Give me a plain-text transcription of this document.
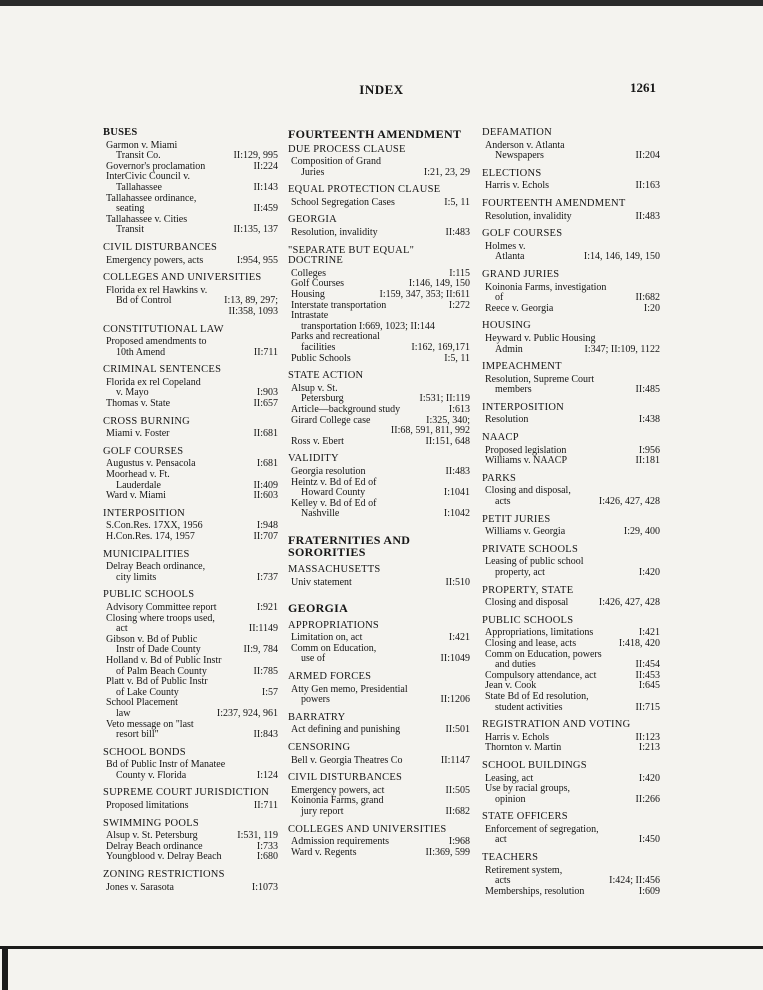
INDEX	1261
BUSES
Garmon v. Miami
II:129, 995
Transit Co.
II:224
Governor's proclamation
InterCivic Council v.
II:143
Tallahassee
Tallahassee ordinance,
II:459
seating
Tallahassee v. Cities
II:135, 137
Transit
CIVIL DISTURBANCES
I:954, 955
Emergency powers, acts
COLLEGES AND UNIVERSITIES
Florida ex rel Hawkins v.
I:13, 89, 297;
Bd of Control
II:358, 1093
CONSTITUTIONAL LAW
Proposed amendments to
II:711
10th Amend
CRIMINAL SENTENCES
Florida ex rel Copeland
I:903
v. Mayo
II:657
Thomas v. State
CROSS BURNING
II:681
Miami v. Foster
GOLF COURSES
I:681
Augustus v. Pensacola
Moorhead v. Ft.
II:409
Lauderdale
II:603
Ward v. Miami
INTERPOSITION
I:948
S.Con.Res. 17XX, 1956
II:707
H.Con.Res. 174, 1957
MUNICIPALITIES
Delray Beach ordinance,
I:737
city limits
PUBLIC SCHOOLS
I:921
Advisory Committee report
Closing where troops used,
II:1149
act
Gibson v. Bd of Public
II:9, 784
Instr of Dade County
Holland v. Bd of Public Instr
II:785
of Palm Beach County
Platt v. Bd of Public Instr
I:57
of Lake County
School Placement
I:237, 924, 961
law
Veto message on "last
II:843
resort bill"
SCHOOL BONDS
Bd of Public Instr of Manatee
I:124
County v. Florida
SUPREME COURT JURISDICTION
II:711
Proposed limitations
SWIMMING POOLS
I:531, 119
Alsup v. St. Petersburg
I:733
Delray Beach ordinance
I:680
Youngblood v. Delray Beach
ZONING RESTRICTIONS
I:1073
Jones v. Sarasota
FOURTEENTH AMENDMENT
DUE PROCESS CLAUSE
Composition of Grand
I:21, 23, 29
Juries
EQUAL PROTECTION CLAUSE
I:5, 11
School Segregation Cases
GEORGIA
II:483
Resolution, invalidity
"SEPARATE BUT EQUAL" DOCTRINE
I:115
Colleges
I:146, 149, 150
Golf Courses
I:159, 347, 353; II:611
Housing
I:272
Interstate transportation
Intrastate
transportation I:669, 1023; II:144
Parks and recreational
I:162, 169,171
facilities
I:5, 11
Public Schools
STATE ACTION
Alsup v. St.
I:531; II:119
Petersburg
I:613
Article—background study
I:325, 340;
Girard College case
II:68, 591, 811, 992
II:151, 648
Ross v. Ebert
VALIDITY
II:483
Georgia resolution
Heintz v. Bd of Ed of
I:1041
Howard County
Kelley v. Bd of Ed of
I:1042
Nashville
FRATERNITIES AND SORORITIES
MASSACHUSETTS
II:510
Univ statement
GEORGIA
APPROPRIATIONS
I:421
Limitation on, act
Comm on Education,
II:1049
use of
ARMED FORCES
Atty Gen memo, Presidential
II:1206
powers
BARRATRY
II:501
Act defining and punishing
CENSORING
II:1147
Bell v. Georgia Theatres Co
CIVIL DISTURBANCES
II:505
Emergency powers, act
Koinonia Farms, grand
II:682
jury report
COLLEGES AND UNIVERSITIES
I:968
Admission requirements
II:369, 599
Ward v. Regents
DEFAMATION
Anderson v. Atlanta
II:204
Newspapers
ELECTIONS
II:163
Harris v. Echols
FOURTEENTH AMENDMENT
II:483
Resolution, invalidity
GOLF COURSES
Holmes v.
I:14, 146, 149, 150
Atlanta
GRAND JURIES
Koinonia Farms, investigation
II:682
of
I:20
Reece v. Georgia
HOUSING
Heyward v. Public Housing
I:347; II:109, 1122
Admin
IMPEACHMENT
Resolution, Supreme Court
II:485
members
INTERPOSITION
I:438
Resolution
NAACP
I:956
Proposed legislation
II:181
Williams v. NAACP
PARKS
Closing and disposal,
I:426, 427, 428
acts
PETIT JURIES
I:29, 400
Williams v. Georgia
PRIVATE SCHOOLS
Leasing of public school
I:420
property, act
PROPERTY, STATE
I:426, 427, 428
Closing and disposal
PUBLIC SCHOOLS
I:421
Appropriations, limitations
I:418, 420
Closing and lease, acts
Comm on Education, powers
II:454
and duties
II:453
Compulsory attendance, act
I:645
Jean v. Cook
State Bd of Ed resolution,
II:715
student activities
REGISTRATION AND VOTING
II:123
Harris v. Echols
I:213
Thornton v. Martin
SCHOOL BUILDINGS
I:420
Leasing, act
Use by racial groups,
II:266
opinion
STATE OFFICERS
Enforcement of segregation,
I:450
act
TEACHERS
Retirement system,
I:424; II:456
acts
I:609
Memberships, resolution
